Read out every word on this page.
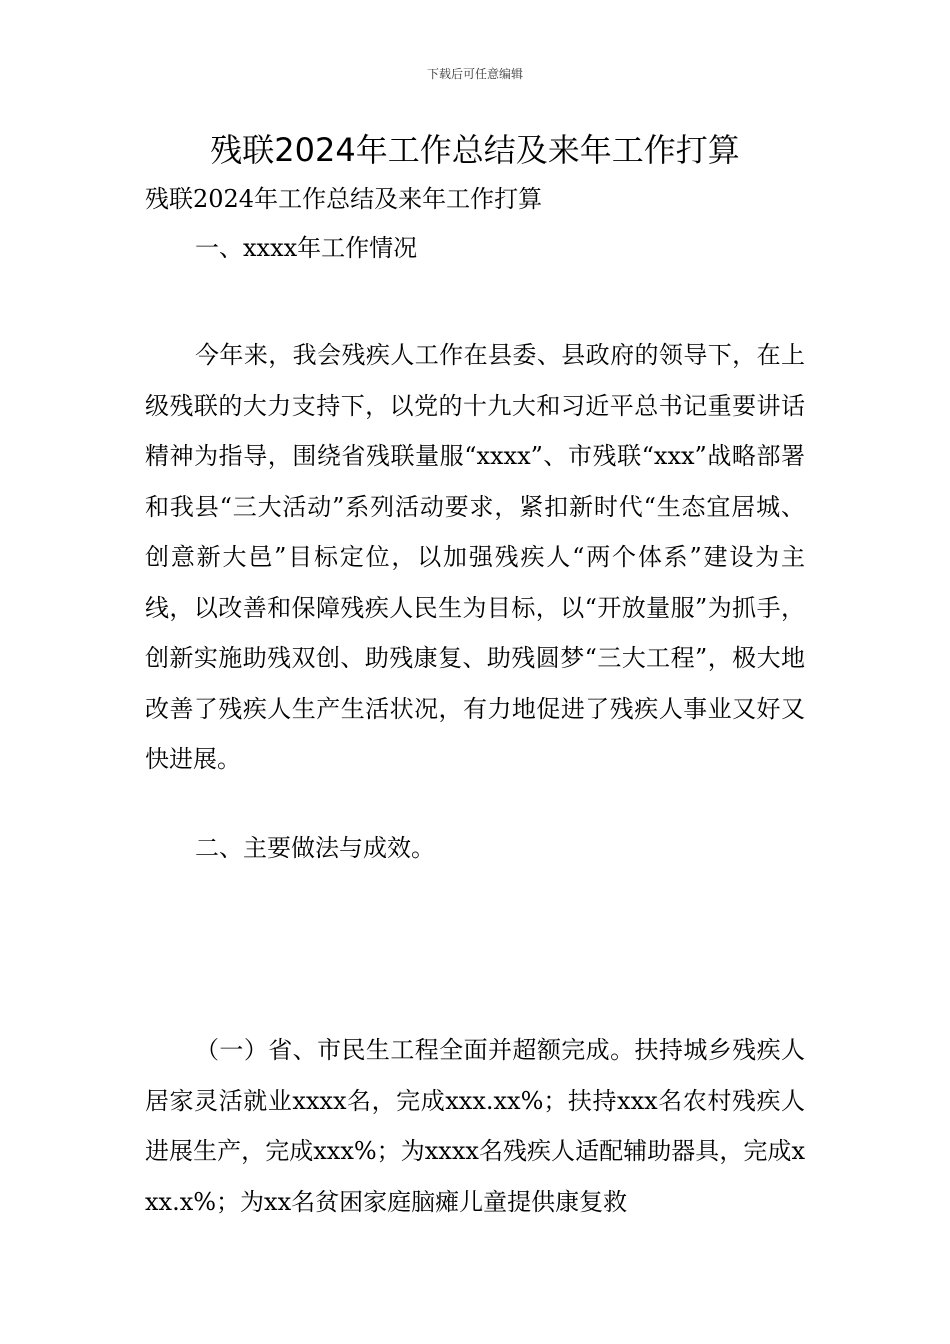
下载后可任意编辑
残联2024年工作总结及来年工作打算
残联2024年工作总结及来年工作打算
一、xxxx年工作情况
今年来，我会残疾人工作在县委、县政府的领导下，在上级残联的大力支持下，以党的十九大和习近平总书记重要讲话精神为指导，围绕省残联量服“xxxx”、市残联“xxx”战略部署和我县“三大活动”系列活动要求，紧扣新时代“生态宜居城、创意新大邑”目标定位，以加强残疾人“两个体系”建设为主线，以改善和保障残疾人民生为目标，以“开放量服”为抓手，创新实施助残双创、助残康复、助残圆梦“三大工程”，极大地改善了残疾人生产生活状况，有力地促进了残疾人事业又好又快进展。
二、主要做法与成效。
（一）省、市民生工程全面并超额完成。扶持城乡残疾人居家灵活就业xxxx名，完成xxx.xx%；扶持xxx名农村残疾人进展生产，完成xxx%；为xxxx名残疾人适配辅助器具，完成xxx.x%；为xx名贫困家庭脑瘫儿童提供康复救
